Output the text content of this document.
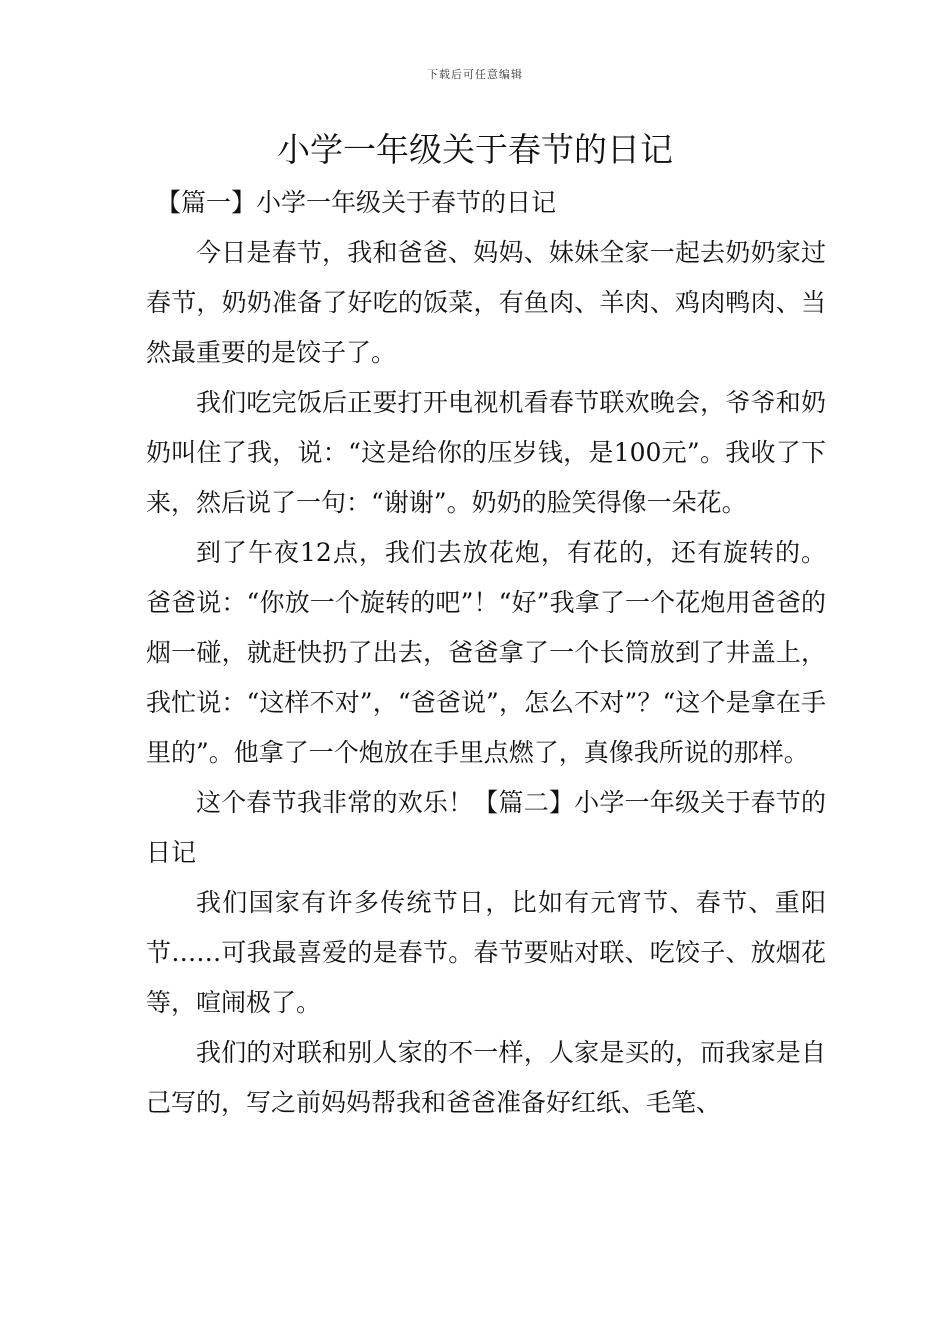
下载后可任意编辑
小学一年级关于春节的日记

【篇一】小学一年级关于春节的日记

今日是春节，我和爸爸、妈妈、妹妹全家一起去奶奶家过春节，奶奶准备了好吃的饭菜，有鱼肉、羊肉、鸡肉鸭肉、当然最重要的是饺子了。

我们吃完饭后正要打开电视机看春节联欢晚会，爷爷和奶奶叫住了我，说：“这是给你的压岁钱，是100元”。我收了下来，然后说了一句：“谢谢”。奶奶的脸笑得像一朵花。

到了午夜12点，我们去放花炮，有花的，还有旋转的。爸爸说：“你放一个旋转的吧”！“好”我拿了一个花炮用爸爸的烟一碰，就赶快扔了出去，爸爸拿了一个长筒放到了井盖上，我忙说：“这样不对”，“爸爸说”，怎么不对”？“这个是拿在手里的”。他拿了一个炮放在手里点燃了，真像我所说的那样。

这个春节我非常的欢乐！【篇二】小学一年级关于春节的日记

我们国家有许多传统节日，比如有元宵节、春节、重阳节……可我最喜爱的是春节。春节要贴对联、吃饺子、放烟花等，喧闹极了。

我们的对联和别人家的不一样，人家是买的，而我家是自己写的，写之前妈妈帮我和爸爸准备好红纸、毛笔、
